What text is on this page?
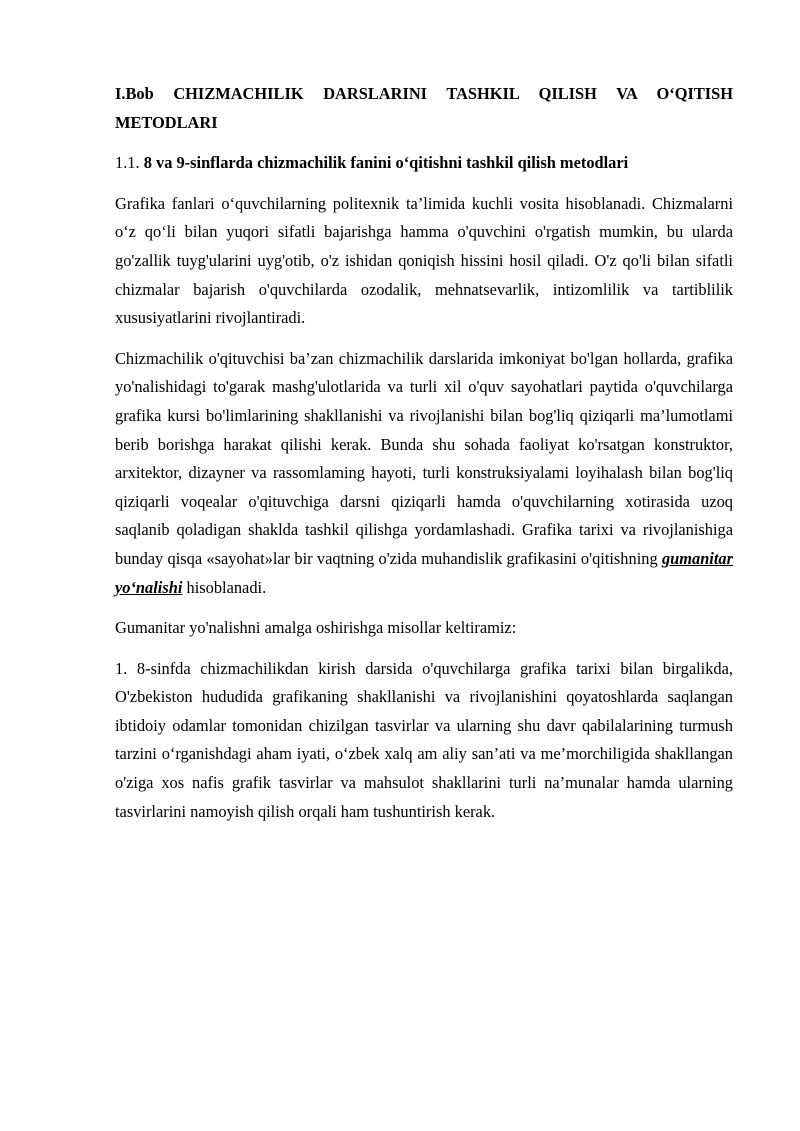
I.Bob CHIZMACHILIK DARSLARINI TASHKIL QILISH VA O‘QITISH METODLARI
1.1. 8 va 9-sinflarda chizmachilik fanini o‘qitishni tashkil qilish metodlari

Grafika fanlari o‘quvchilarning politexnik ta’limida kuchli vosita hisoblanadi. Chizmalarni o‘z qo‘li bilan yuqori sifatli bajarishga hamma o'quvchini o'rgatish mumkin, bu ularda go'zallik tuyg'ularini uyg'otib, o'z ishidan qoniqish hissini hosil qiladi. O'z qo'li bilan sifatli chizmalar bajarish o'quvchilarda ozodalik, mehnatsevarlik, intizomlilik va tartiblilik xususiyatlarini rivojlantiradi.

Chizmachilik o'qituvchisi ba’zan chizmachilik darslarida imkoniyat bo'lgan hollarda, grafika yo'nalishidagi to'garak mashg'ulotlarida va turli xil o'quv sayohatlari paytida o'quvchilarga grafika kursi bo'limlarining shakllanishi va rivojlanishi bilan bog'liq qiziqarli ma’lumotlami berib borishga harakat qilishi kerak. Bunda shu sohada faoliyat ko'rsatgan konstruktor, arxitektor, dizayner va rassomlaming hayoti, turli konstruksiyalami loyihalash bilan bog'liq qiziqarli voqealar o'qituvchiga darsni qiziqarli hamda o'quvchilarning xotirasida uzoq saqlanib qoladigan shaklda tashkil qilishga yordamlashadi. Grafika tarixi va rivojlanishiga bunday qisqa «sayohat»lar bir vaqtning o'zida muhandislik grafikasini o'qitishning gumanitar yo‘nalishi hisoblanadi.

Gumanitar yo'nalishni amalga oshirishga misollar keltiramiz:

1. 8-sinfda chizmachilikdan kirish darsida o'quvchilarga grafika tarixi bilan birgalikda, O'zbekiston hududida grafikaning shakllanishi va rivojlanishini qoyatoshlarda saqlangan ibtidoiy odamlar tomonidan chizilgan tasvirlar va ularning shu davr qabilalarining turmush tarzini o‘rganishdagi aham iyati, o‘zbek xalq am aliy san’ati va me’morchiligida shakllangan o'ziga xos nafis grafik tasvirlar va mahsulot shakllarini turli na’munalar hamda ularning tasvirlarini namoyish qilish orqali ham tushuntirish kerak.
